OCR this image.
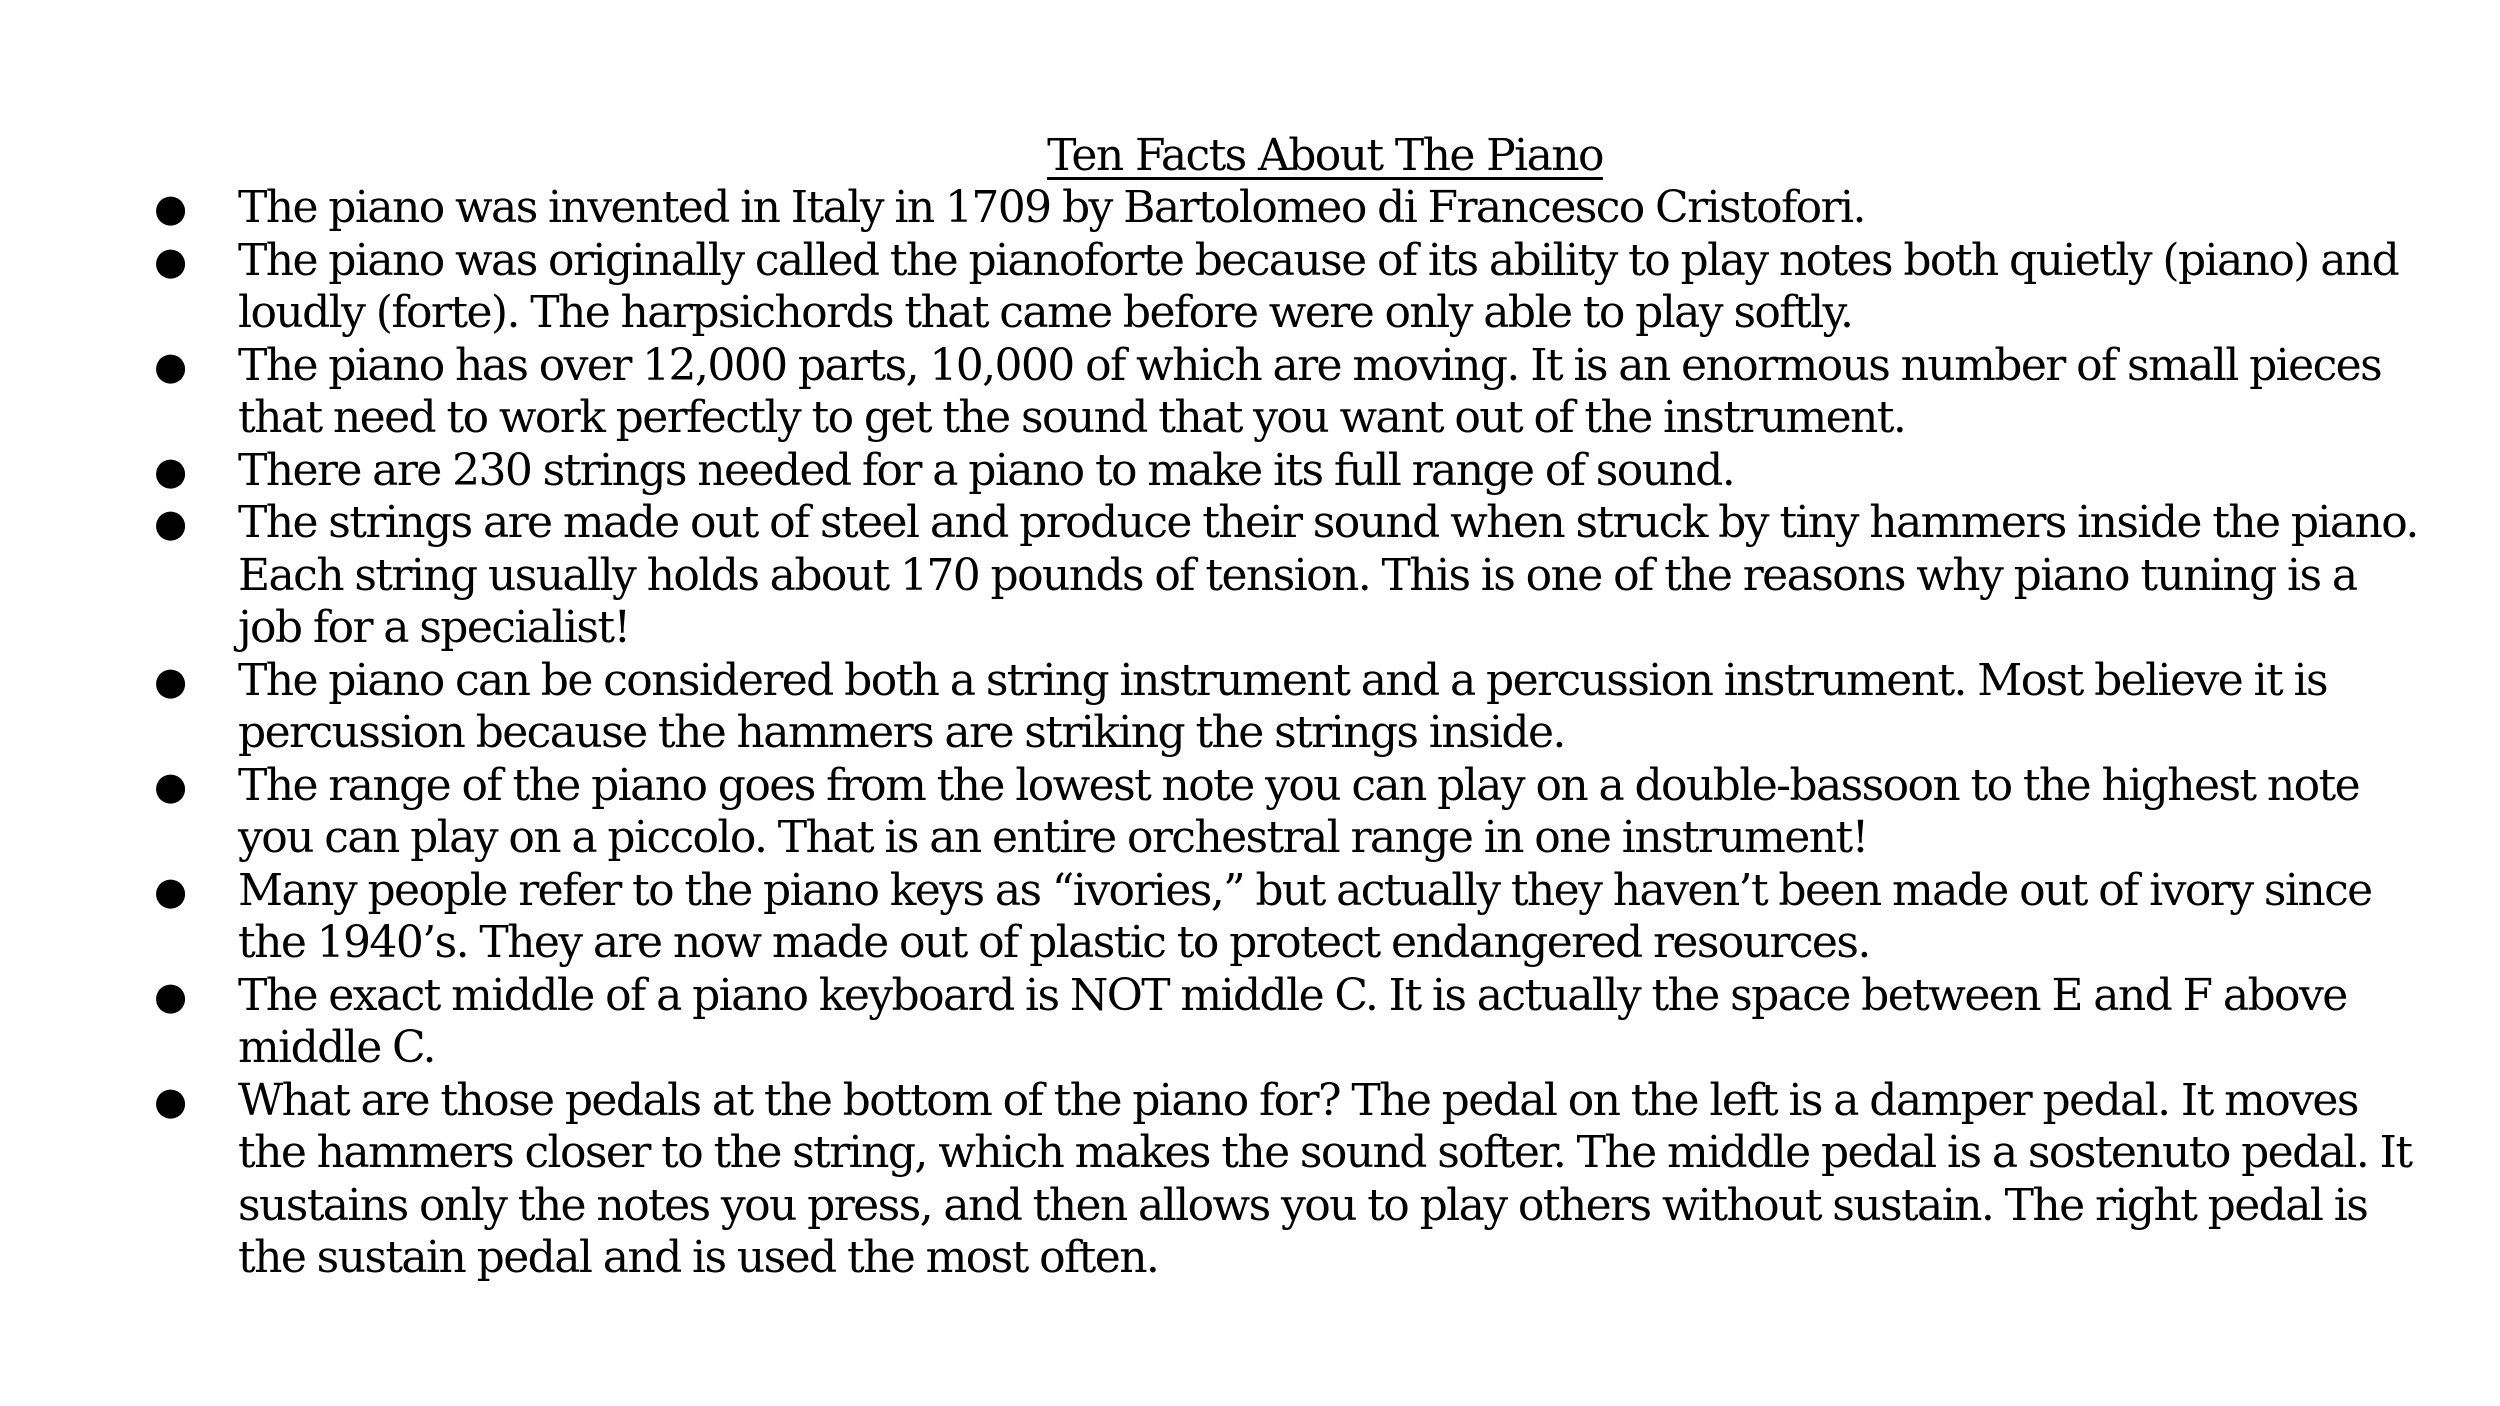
Ten Facts About The Piano
● The piano was invented in Italy in 1709 by Bartolomeo di Francesco Cristofori.
● The piano was originally called the pianoforte because of its ability to play notes both quietly (piano) and loudly (forte). The harpsichords that came before were only able to play softly.
● The piano has over 12,000 parts, 10,000 of which are moving. It is an enormous number of small pieces that need to work perfectly to get the sound that you want out of the instrument.
● There are 230 strings needed for a piano to make its full range of sound.
● The strings are made out of steel and produce their sound when struck by tiny hammers inside the piano. Each string usually holds about 170 pounds of tension. This is one of the reasons why piano tuning is a job for a specialist!
● The piano can be considered both a string instrument and a percussion instrument. Most believe it is percussion because the hammers are striking the strings inside.
● The range of the piano goes from the lowest note you can play on a double-bassoon to the highest note you can play on a piccolo. That is an entire orchestral range in one instrument!
● Many people refer to the piano keys as “ivories,” but actually they haven’t been made out of ivory since the 1940’s. They are now made out of plastic to protect endangered resources.
● The exact middle of a piano keyboard is NOT middle C. It is actually the space between E and F above middle C.
● What are those pedals at the bottom of the piano for? The pedal on the left is a damper pedal. It moves the hammers closer to the string, which makes the sound softer. The middle pedal is a sostenuto pedal. It sustains only the notes you press, and then allows you to play others without sustain. The right pedal is the sustain pedal and is used the most often.
